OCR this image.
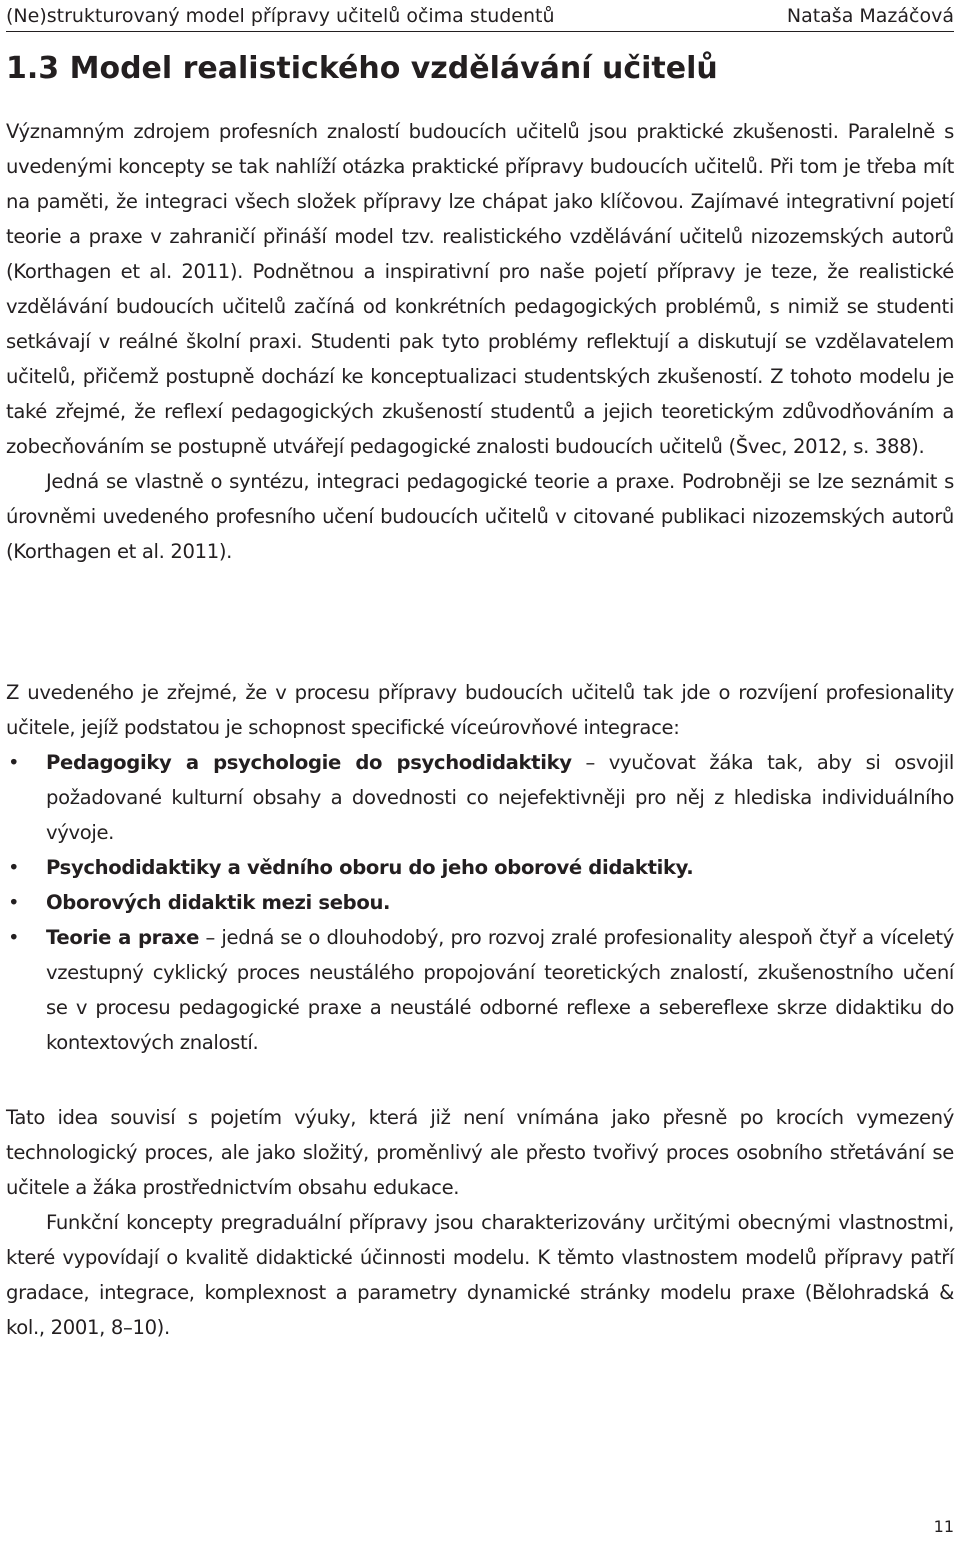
(Ne)strukturovaný model přípravy učitelů očima studentů	Nataša Mazáčová
1.3 Model realistického vzdělávání učitelů

Významným zdrojem profesních znalostí budoucích učitelů jsou praktické zkušenosti. Paralelně s uvedenými koncepty se tak nahlíží otázka praktické přípravy budoucích učitelů. Při tom je třeba mít na paměti, že integraci všech složek přípravy lze chápat jako klíčovou. Zajímavé integrativní pojetí teorie a praxe v zahraničí přináší model tzv. realistického vzdělávání učitelů nizozemských autorů (Korthagen et al. 2011). Podnětnou a inspirativní pro naše pojetí přípravy je teze, že realistické vzdělávání budoucích učitelů začíná od konkrétních pedagogických problémů, s nimiž se studenti setkávají v reálné školní praxi. Studenti pak tyto problémy reflektují a diskutují se vzdělavatelem učitelů, přičemž postupně dochází ke konceptualizaci studentských zkušeností. Z tohoto modelu je také zřejmé, že reflexí pedagogických zkušeností studentů a jejich teoretickým zdůvodňováním a zobecňováním se postupně utvářejí pedagogické znalosti budoucích učitelů (Švec, 2012, s. 388).

Jedná se vlastně o syntézu, integraci pedagogické teorie a praxe. Podrobněji se lze seznámit s úrovněmi uvedeného profesního učení budoucích učitelů v citované publikaci nizozemských autorů (Korthagen et al. 2011).

Z uvedeného je zřejmé, že v procesu přípravy budoucích učitelů tak jde o rozvíjení profesionality učitele, jejíž podstatou je schopnost specifické víceúrovňové integrace:

• Pedagogiky a psychologie do psychodidaktiky – vyučovat žáka tak, aby si osvojil požadované kulturní obsahy a dovednosti co nejefektivněji pro něj z hlediska individuálního vývoje.
• Psychodidaktiky a vědního oboru do jeho oborové didaktiky.
• Oborových didaktik mezi sebou.
• Teorie a praxe – jedná se o dlouhodobý, pro rozvoj zralé profesionality alespoň čtyř a víceletý vzestupný cyklický proces neustálého propojování teoretických znalostí, zkušenostního učení se v procesu pedagogické praxe a neustálé odborné reflexe a sebereflexe skrze didaktiku do kontextových znalostí.

Tato idea souvisí s pojetím výuky, která již není vnímána jako přesně po krocích vymezený technologický proces, ale jako složitý, proměnlivý ale přesto tvořivý proces osobního střetávání se učitele a žáka prostřednictvím obsahu edukace.

Funkční koncepty pregraduální přípravy jsou charakterizovány určitými obecnými vlastnostmi, které vypovídají o kvalitě didaktické účinnosti modelu. K těmto vlastnostem modelů přípravy patří gradace, integrace, komplexnost a parametry dynamické stránky modelu praxe (Bělohradská & kol., 2001, 8–10).

11
